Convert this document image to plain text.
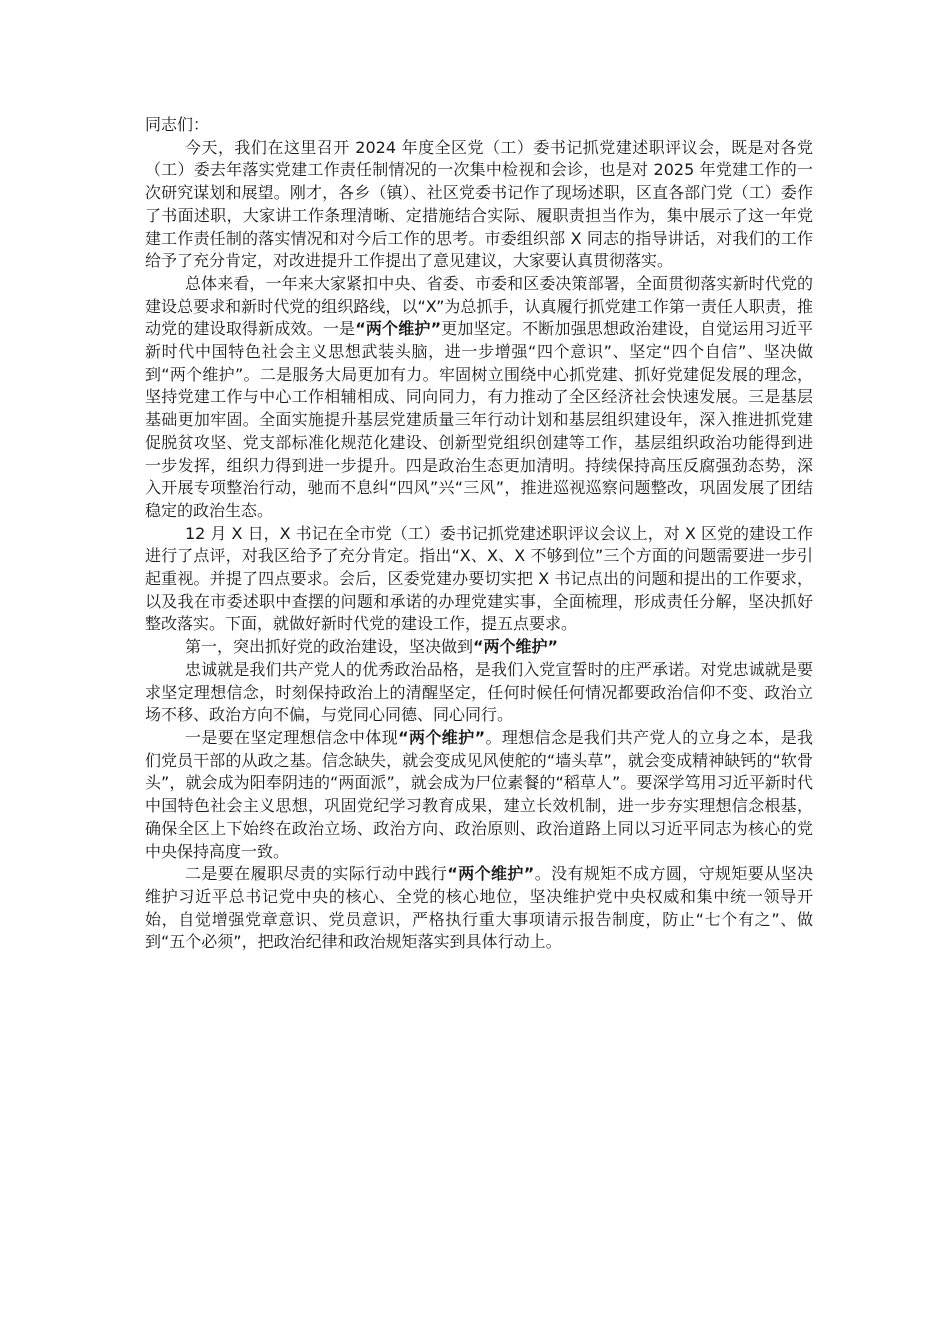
同志们：

今天，我们在这里召开 2024 年度全区党（工）委书记抓党建述职评议会，既是对各党（工）委去年落实党建工作责任制情况的一次集中检视和会诊，也是对 2025 年党建工作的一次研究谋划和展望。刚才，各乡（镇）、社区党委书记作了现场述职，区直各部门党（工）委作了书面述职，大家讲工作条理清晰、定措施结合实际、履职责担当作为，集中展示了这一年党建工作责任制的落实情况和对今后工作的思考。市委组织部 X 同志的指导讲话，对我们的工作给予了充分肯定，对改进提升工作提出了意见建议，大家要认真贯彻落实。

总体来看，一年来大家紧扣中央、省委、市委和区委决策部署，全面贯彻落实新时代党的建设总要求和新时代党的组织路线，以“X”为总抓手，认真履行抓党建工作第一责任人职责，推动党的建设取得新成效。一是“两个维护”更加坚定。不断加强思想政治建设，自觉运用习近平新时代中国特色社会主义思想武装头脑，进一步增强“四个意识”、坚定“四个自信”、坚决做到“两个维护”。二是服务大局更加有力。牢固树立围绕中心抓党建、抓好党建促发展的理念，坚持党建工作与中心工作相辅相成、同向同力，有力推动了全区经济社会快速发展。三是基层基础更加牢固。全面实施提升基层党建质量三年行动计划和基层组织建设年，深入推进抓党建促脱贫攻坚、党支部标准化规范化建设、创新型党组织创建等工作，基层组织政治功能得到进一步发挥，组织力得到进一步提升。四是政治生态更加清明。持续保持高压反腐强劲态势，深入开展专项整治行动，驰而不息纠“四风”兴“三风”，推进巡视巡察问题整改，巩固发展了团结稳定的政治生态。

12 月 X 日，X 书记在全市党（工）委书记抓党建述职评议会议上，对 X 区党的建设工作进行了点评，对我区给予了充分肯定。指出“X、X、X 不够到位”三个方面的问题需要进一步引起重视。并提了四点要求。会后，区委党建办要切实把 X 书记点出的问题和提出的工作要求，以及我在市委述职中查摆的问题和承诺的办理党建实事，全面梳理，形成责任分解，坚决抓好整改落实。下面，就做好新时代党的建设工作，提五点要求。

第一，突出抓好党的政治建设，坚决做到“两个维护”

忠诚就是我们共产党人的优秀政治品格，是我们入党宣誓时的庄严承诺。对党忠诚就是要求坚定理想信念，时刻保持政治上的清醒坚定，任何时候任何情况都要政治信仰不变、政治立场不移、政治方向不偏，与党同心同德、同心同行。

一是要在坚定理想信念中体现“两个维护”。理想信念是我们共产党人的立身之本，是我们党员干部的从政之基。信念缺失，就会变成见风使舵的“墙头草”，就会变成精神缺钙的“软骨头”，就会成为阳奉阴违的“两面派”，就会成为尸位素餐的“稻草人”。要深学笃用习近平新时代中国特色社会主义思想，巩固党纪学习教育成果，建立长效机制，进一步夯实理想信念根基，确保全区上下始终在政治立场、政治方向、政治原则、政治道路上同以习近平同志为核心的党中央保持高度一致。

二是要在履职尽责的实际行动中践行“两个维护”。没有规矩不成方圆，守规矩要从坚决维护习近平总书记党中央的核心、全党的核心地位，坚决维护党中央权威和集中统一领导开始，自觉增强党章意识、党员意识，严格执行重大事项请示报告制度，防止“七个有之”、做到“五个必须”，把政治纪律和政治规矩落实到具体行动上。
